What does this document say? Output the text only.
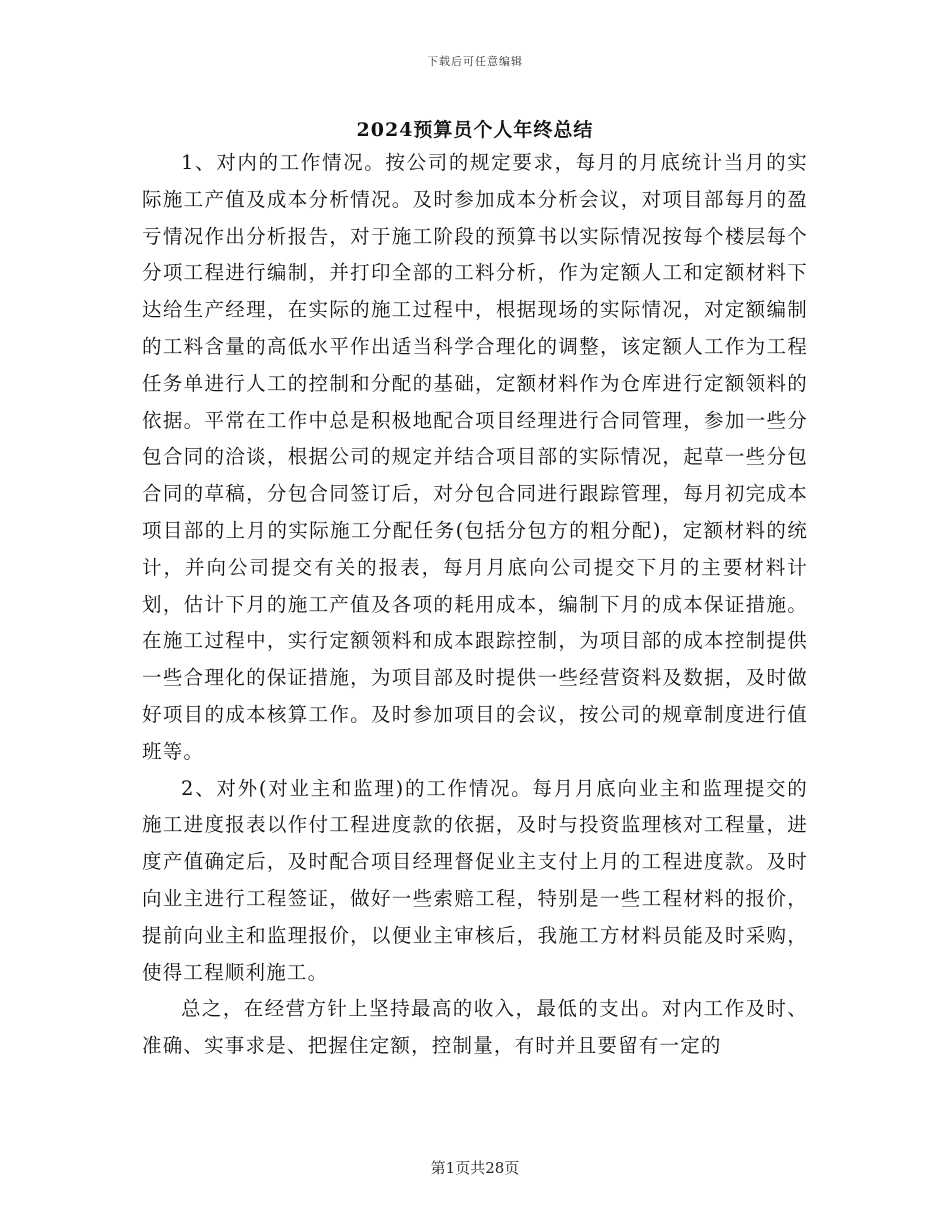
下载后可任意编辑
2024预算员个人年终总结

1、对内的工作情况。按公司的规定要求，每月的月底统计当月的实际施工产值及成本分析情况。及时参加成本分析会议，对项目部每月的盈亏情况作出分析报告，对于施工阶段的预算书以实际情况按每个楼层每个分项工程进行编制，并打印全部的工料分析，作为定额人工和定额材料下达给生产经理，在实际的施工过程中，根据现场的实际情况，对定额编制的工料含量的高低水平作出适当科学合理化的调整，该定额人工作为工程任务单进行人工的控制和分配的基础，定额材料作为仓库进行定额领料的依据。平常在工作中总是积极地配合项目经理进行合同管理，参加一些分包合同的洽谈，根据公司的规定并结合项目部的实际情况，起草一些分包合同的草稿，分包合同签订后，对分包合同进行跟踪管理，每月初完成本项目部的上月的实际施工分配任务(包括分包方的粗分配)，定额材料的统计，并向公司提交有关的报表，每月月底向公司提交下月的主要材料计划，估计下月的施工产值及各项的耗用成本，编制下月的成本保证措施。在施工过程中，实行定额领料和成本跟踪控制，为项目部的成本控制提供一些合理化的保证措施，为项目部及时提供一些经营资料及数据，及时做好项目的成本核算工作。及时参加项目的会议，按公司的规章制度进行值班等。

2、对外(对业主和监理)的工作情况。每月月底向业主和监理提交的施工进度报表以作付工程进度款的依据，及时与投资监理核对工程量，进度产值确定后，及时配合项目经理督促业主支付上月的工程进度款。及时向业主进行工程签证，做好一些索赔工程，特别是一些工程材料的报价，提前向业主和监理报价，以便业主审核后，我施工方材料员能及时采购，使得工程顺利施工。

总之，在经营方针上坚持最高的收入，最低的支出。对内工作及时、准确、实事求是、把握住定额，控制量，有时并且要留有一定的

第1页共28页
